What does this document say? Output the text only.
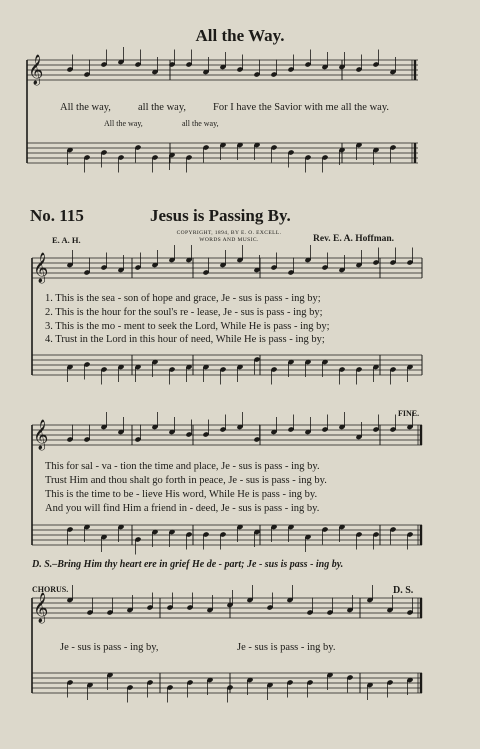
𝄞
𝄞
𝄞
𝄞
All the Way.
All the way,	all the way,	For I have the Savior with me all the way.
All the way,	all the way,
No. 115	Jesus is Passing By.
COPYRIGHT, 1894, BY E. O. EXCELL.
WORDS AND MUSIC.
E. A. H.	Rev. E. A. Hoffman.
1. This is the sea - son of hope and grace, Je - sus is pass - ing by;
2. This is the hour for the soul's re - lease, Je - sus is pass - ing by;
3. This is the mo - ment to seek the Lord, While He is pass - ing by;
4. Trust in the Lord in this hour of need, While He is pass - ing by;
FINE.
This for sal - va - tion the time and place, Je - sus is pass - ing by.
Trust Him and thou shalt go forth in peace, Je - sus is pass - ing by.
This is the time to be - lieve His word, While He is pass - ing by.
And you will find Him a friend in - deed, Je - sus is pass - ing by.
D. S.–Bring Him thy heart ere in grief He de - part; Je - sus is pass - ing by.
CHORUS.	D. S.
Je - sus is pass - ing by,	Je - sus is pass - ing by.
